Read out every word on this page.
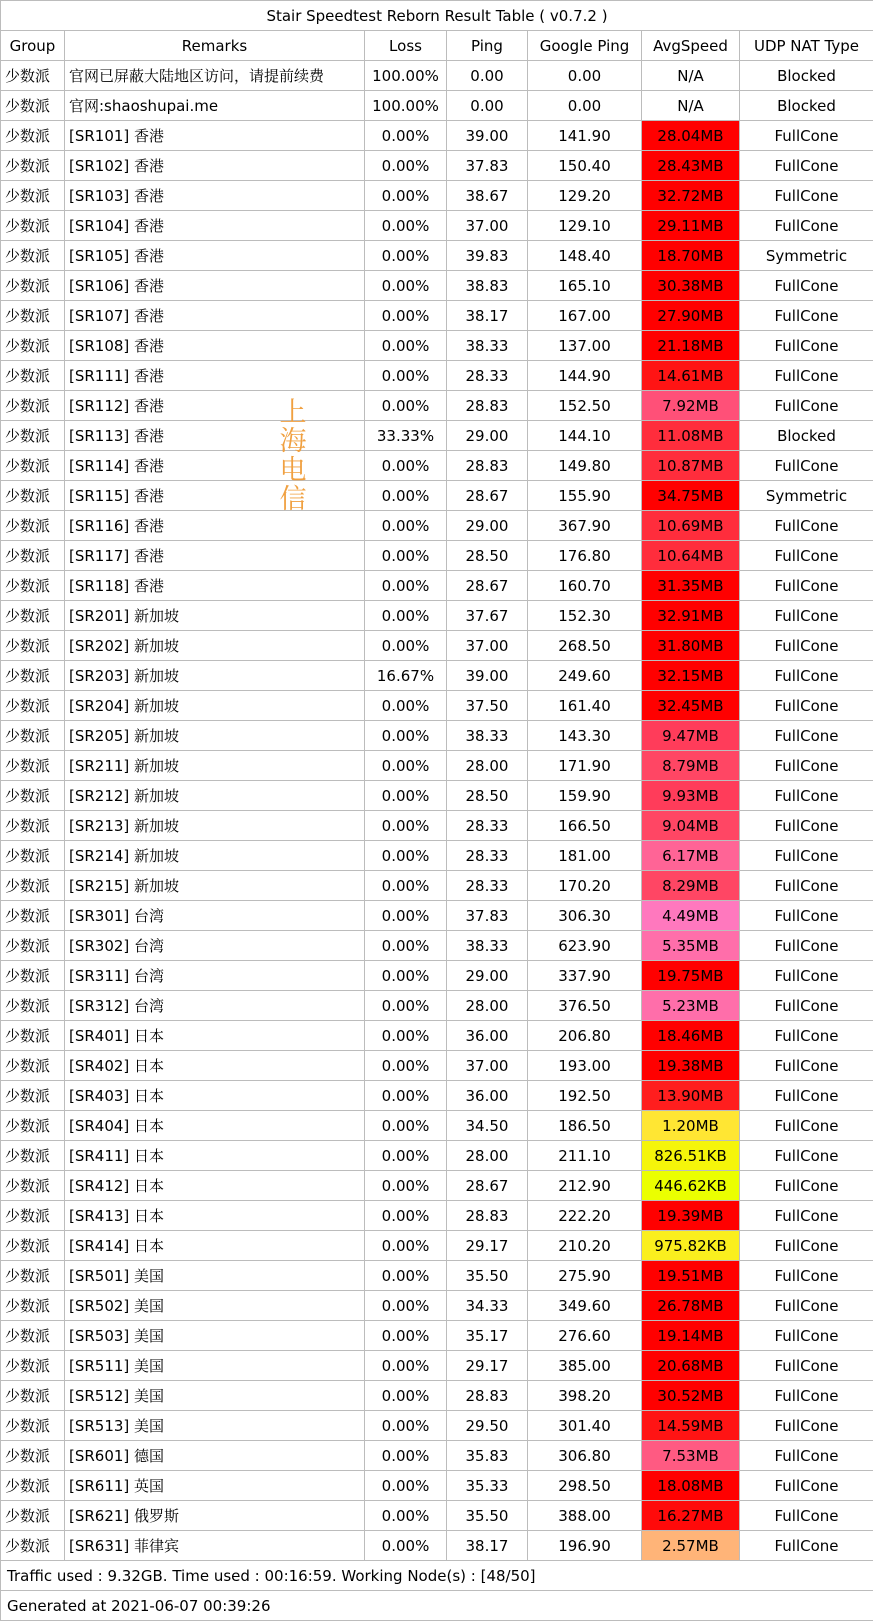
Stair Speedtest Reborn Result Table ( v0.7.2 )						
Group	Remarks	Loss	Ping	Google Ping	AvgSpeed	UDP NAT Type
少数派	官网已屏蔽大陆地区访问，请提前续费	100.00%	0.00	0.00	N/A	Blocked
少数派	官网:shaoshupai.me	100.00%	0.00	0.00	N/A	Blocked
少数派	[SR101] 香港	0.00%	39.00	141.90	28.04MB	FullCone
少数派	[SR102] 香港	0.00%	37.83	150.40	28.43MB	FullCone
少数派	[SR103] 香港	0.00%	38.67	129.20	32.72MB	FullCone
少数派	[SR104] 香港	0.00%	37.00	129.10	29.11MB	FullCone
少数派	[SR105] 香港	0.00%	39.83	148.40	18.70MB	Symmetric
少数派	[SR106] 香港	0.00%	38.83	165.10	30.38MB	FullCone
少数派	[SR107] 香港	0.00%	38.17	167.00	27.90MB	FullCone
少数派	[SR108] 香港	0.00%	38.33	137.00	21.18MB	FullCone
少数派	[SR111] 香港	0.00%	28.33	144.90	14.61MB	FullCone
少数派	[SR112] 香港	0.00%	28.83	152.50	7.92MB	FullCone
少数派	[SR113] 香港	33.33%	29.00	144.10	11.08MB	Blocked
少数派	[SR114] 香港	0.00%	28.83	149.80	10.87MB	FullCone
少数派	[SR115] 香港	0.00%	28.67	155.90	34.75MB	Symmetric
少数派	[SR116] 香港	0.00%	29.00	367.90	10.69MB	FullCone
少数派	[SR117] 香港	0.00%	28.50	176.80	10.64MB	FullCone
少数派	[SR118] 香港	0.00%	28.67	160.70	31.35MB	FullCone
少数派	[SR201] 新加坡	0.00%	37.67	152.30	32.91MB	FullCone
少数派	[SR202] 新加坡	0.00%	37.00	268.50	31.80MB	FullCone
少数派	[SR203] 新加坡	16.67%	39.00	249.60	32.15MB	FullCone
少数派	[SR204] 新加坡	0.00%	37.50	161.40	32.45MB	FullCone
少数派	[SR205] 新加坡	0.00%	38.33	143.30	9.47MB	FullCone
少数派	[SR211] 新加坡	0.00%	28.00	171.90	8.79MB	FullCone
少数派	[SR212] 新加坡	0.00%	28.50	159.90	9.93MB	FullCone
少数派	[SR213] 新加坡	0.00%	28.33	166.50	9.04MB	FullCone
少数派	[SR214] 新加坡	0.00%	28.33	181.00	6.17MB	FullCone
少数派	[SR215] 新加坡	0.00%	28.33	170.20	8.29MB	FullCone
少数派	[SR301] 台湾	0.00%	37.83	306.30	4.49MB	FullCone
少数派	[SR302] 台湾	0.00%	38.33	623.90	5.35MB	FullCone
少数派	[SR311] 台湾	0.00%	29.00	337.90	19.75MB	FullCone
少数派	[SR312] 台湾	0.00%	28.00	376.50	5.23MB	FullCone
少数派	[SR401] 日本	0.00%	36.00	206.80	18.46MB	FullCone
少数派	[SR402] 日本	0.00%	37.00	193.00	19.38MB	FullCone
少数派	[SR403] 日本	0.00%	36.00	192.50	13.90MB	FullCone
少数派	[SR404] 日本	0.00%	34.50	186.50	1.20MB	FullCone
少数派	[SR411] 日本	0.00%	28.00	211.10	826.51KB	FullCone
少数派	[SR412] 日本	0.00%	28.67	212.90	446.62KB	FullCone
少数派	[SR413] 日本	0.00%	28.83	222.20	19.39MB	FullCone
少数派	[SR414] 日本	0.00%	29.17	210.20	975.82KB	FullCone
少数派	[SR501] 美国	0.00%	35.50	275.90	19.51MB	FullCone
少数派	[SR502] 美国	0.00%	34.33	349.60	26.78MB	FullCone
少数派	[SR503] 美国	0.00%	35.17	276.60	19.14MB	FullCone
少数派	[SR511] 美国	0.00%	29.17	385.00	20.68MB	FullCone
少数派	[SR512] 美国	0.00%	28.83	398.20	30.52MB	FullCone
少数派	[SR513] 美国	0.00%	29.50	301.40	14.59MB	FullCone
少数派	[SR601] 德国	0.00%	35.83	306.80	7.53MB	FullCone
少数派	[SR611] 英国	0.00%	35.33	298.50	18.08MB	FullCone
少数派	[SR621] 俄罗斯	0.00%	35.50	388.00	16.27MB	FullCone
少数派	[SR631] 菲律宾	0.00%	38.17	196.90	2.57MB	FullCone
Traffic used : 9.32GB. Time used : 00:16:59. Working Node(s) : [48/50]						
Generated at 2021-06-07 00:39:26						
上
海
电
信
